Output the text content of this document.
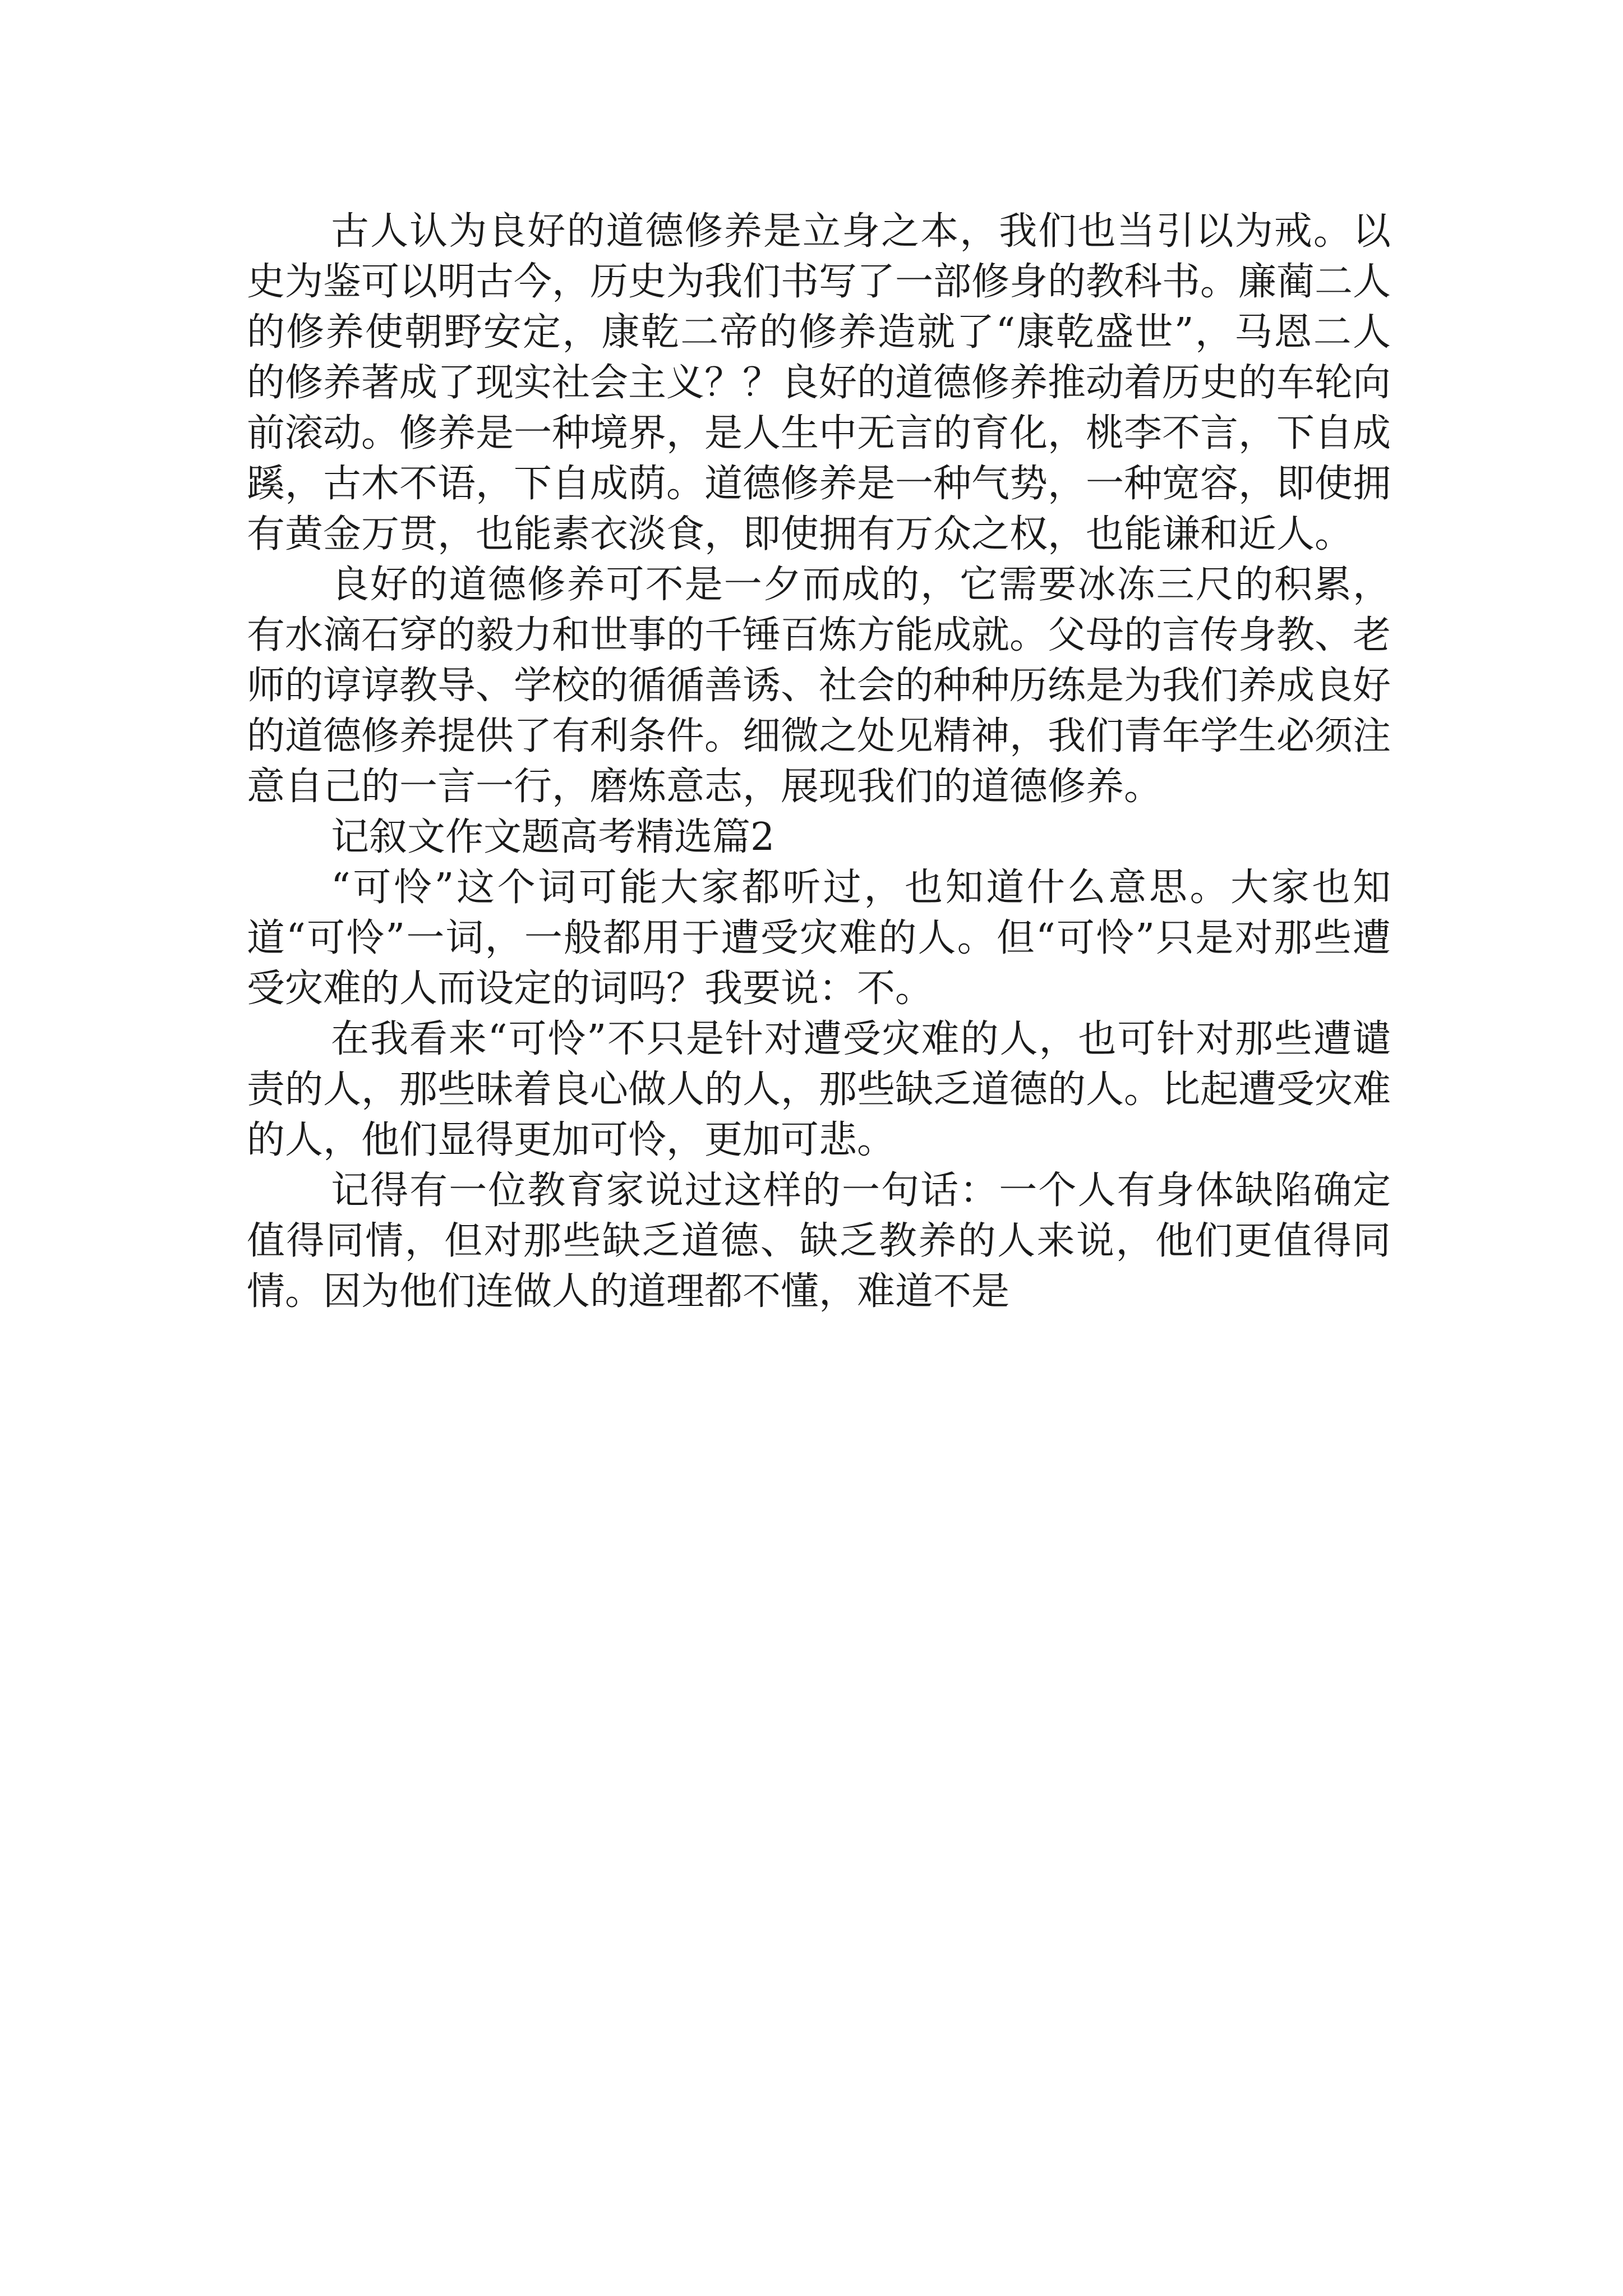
古人认为良好的道德修养是立身之本，我们也当引以为戒。以史为鉴可以明古今，历史为我们书写了一部修身的教科书。廉蔺二人的修养使朝野安定，康乾二帝的修养造就了“康乾盛世”，马恩二人的修养著成了现实社会主义？？良好的道德修养推动着历史的车轮向前滚动。修养是一种境界，是人生中无言的育化，桃李不言，下自成蹊，古木不语，下自成荫。道德修养是一种气势，一种宽容，即使拥有黄金万贯，也能素衣淡食，即使拥有万众之权，也能谦和近人。

良好的道德修养可不是一夕而成的，它需要冰冻三尺的积累，有水滴石穿的毅力和世事的千锤百炼方能成就。父母的言传身教、老师的谆谆教导、学校的循循善诱、社会的种种历练是为我们养成良好的道德修养提供了有利条件。细微之处见精神，我们青年学生必须注意自己的一言一行，磨炼意志，展现我们的道德修养。

记叙文作文题高考精选篇2

“可怜”这个词可能大家都听过，也知道什么意思。大家也知道“可怜”一词，一般都用于遭受灾难的人。但“可怜”只是对那些遭受灾难的人而设定的词吗？我要说：不。

在我看来“可怜”不只是针对遭受灾难的人，也可针对那些遭谴责的人，那些昧着良心做人的人，那些缺乏道德的人。比起遭受灾难的人，他们显得更加可怜，更加可悲。

记得有一位教育家说过这样的一句话：一个人有身体缺陷确定值得同情，但对那些缺乏道德、缺乏教养的人来说，他们更值得同情。因为他们连做人的道理都不懂，难道不是
